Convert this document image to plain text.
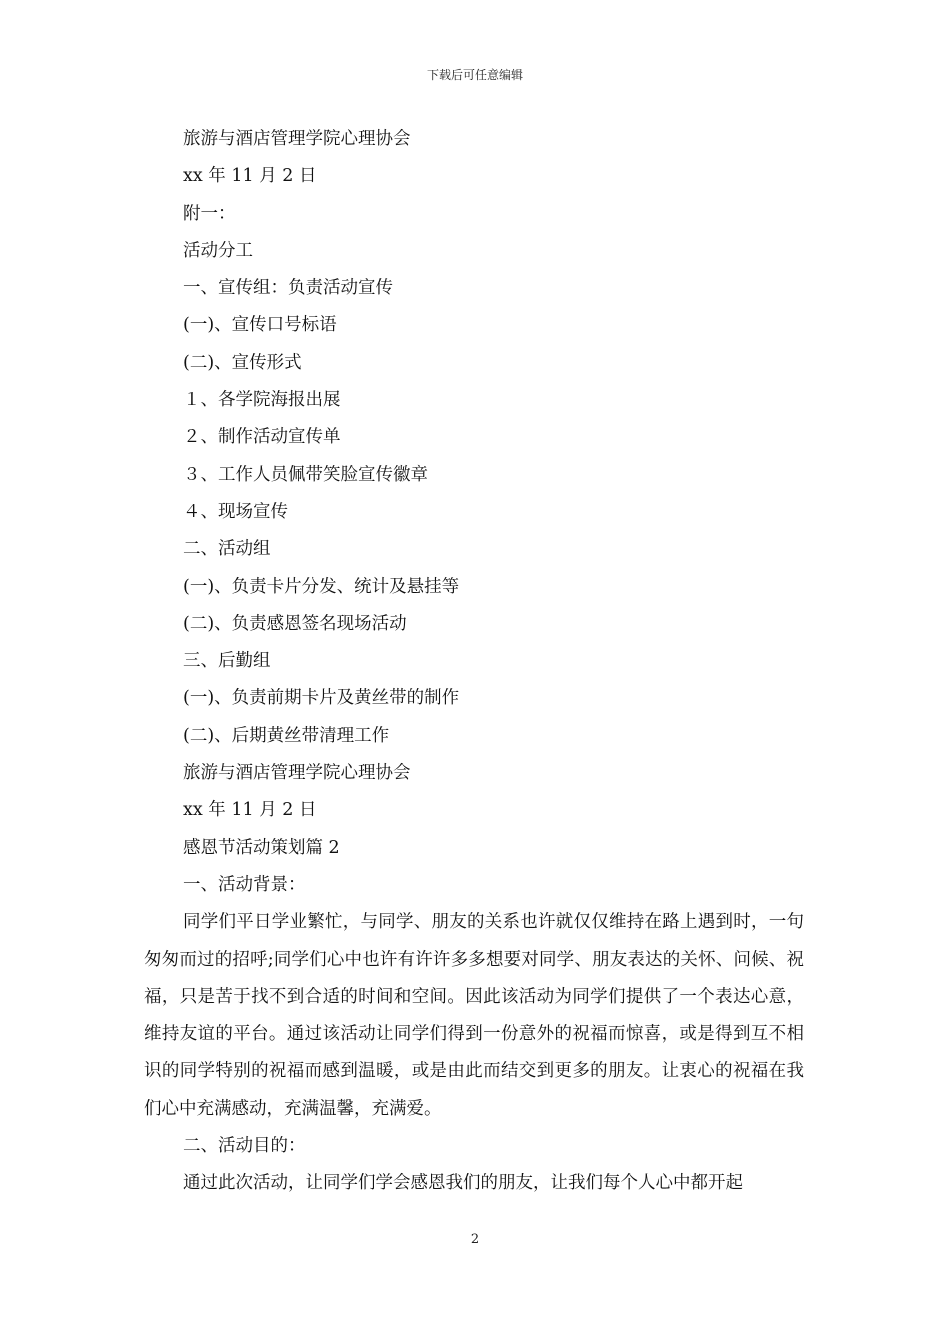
下载后可任意编辑
旅游与酒店管理学院心理协会
xx 年 11 月 2 日
附一：
活动分工
一、宣传组：负责活动宣传
(一)、宣传口号标语
(二)、宣传形式
１、各学院海报出展
２、制作活动宣传单
３、工作人员佩带笑脸宣传徽章
４、现场宣传
二、活动组
(一)、负责卡片分发、统计及悬挂等
(二)、负责感恩签名现场活动
三、后勤组
(一)、负责前期卡片及黄丝带的制作
(二)、后期黄丝带清理工作
旅游与酒店管理学院心理协会
xx 年 11 月 2 日
感恩节活动策划篇 2
一、活动背景：
同学们平日学业繁忙，与同学、朋友的关系也许就仅仅维持在路上遇到时，一句匆匆而过的招呼;同学们心中也许有许许多多想要对同学、朋友表达的关怀、问候、祝福，只是苦于找不到合适的时间和空间。因此该活动为同学们提供了一个表达心意，维持友谊的平台。通过该活动让同学们得到一份意外的祝福而惊喜，或是得到互不相识的同学特别的祝福而感到温暖，或是由此而结交到更多的朋友。让衷心的祝福在我们心中充满感动，充满温馨，充满爱。
二、活动目的：
通过此次活动，让同学们学会感恩我们的朋友，让我们每个人心中都开起
2
